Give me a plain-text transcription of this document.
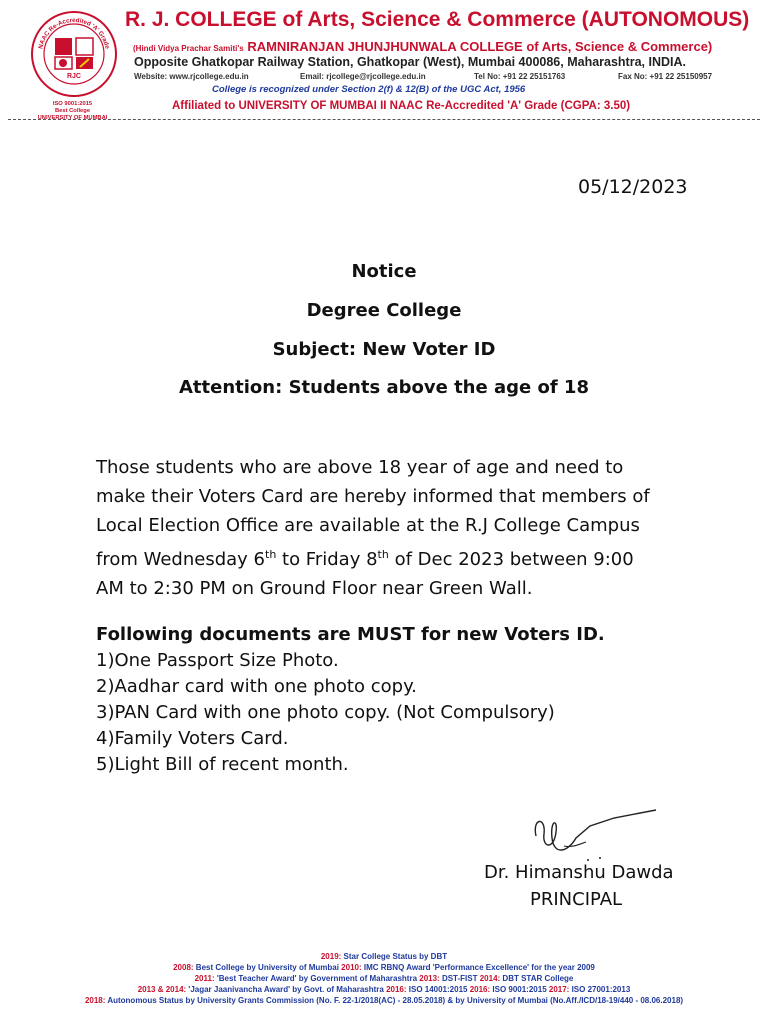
RJC
NAAC Re-Accredited 'A' Grade
R. J. COLLEGE of Arts, Science & Commerce (AUTONOMOUS)
(Hindi Vidya Prachar Samiti's RAMNIRANJAN JHUNJHUNWALA COLLEGE of Arts, Science & Commerce)
Opposite Ghatkopar Railway Station, Ghatkopar (West), Mumbai 400086, Maharashtra, INDIA.
Website: www.rjcollege.edu.in	Email: rjcollege@rjcollege.edu.in	Tel No: +91 22 25151763	Fax No: +91 22 25150957
College is recognized under Section 2(f) & 12(B) of the UGC Act, 1956
Affiliated to UNIVERSITY OF MUMBAI II NAAC Re-Accredited 'A' Grade (CGPA: 3.50)
ISO 9001:2015
Best College
UNIVERSITY OF MUMBAI
05/12/2023
Notice
Degree College
Subject: New Voter ID
Attention: Students above the age of 18
Those students who are above 18 year of age and need to
make their Voters Card are hereby informed that members of
Local Election Office are available at the R.J College Campus
from Wednesday 6th to Friday 8th of Dec 2023 between 9:00
AM to 2:30 PM on Ground Floor near Green Wall.
Following documents are MUST for new Voters ID.
1)One Passport Size Photo.
2)Aadhar card with one photo copy.
3)PAN Card with one photo copy. (Not Compulsory)
4)Family Voters Card.
5)Light Bill of recent month.
Dr. Himanshu Dawda
PRINCIPAL
2019: Star College Status by DBT
2008: Best College by University of Mumbai 2010: IMC RBNQ Award 'Performance Excellence' for the year 2009
2011: 'Best Teacher Award' by Government of Maharashtra 2013: DST-FIST 2014: DBT STAR College
2013 & 2014: 'Jagar Jaanivancha Award' by Govt. of Maharashtra 2016: ISO 14001:2015 2016: ISO 9001:2015 2017: ISO 27001:2013
2018: Autonomous Status by University Grants Commission (No. F. 22-1/2018(AC) - 28.05.2018) & by University of Mumbai (No.Aff./ICD/18-19/440 - 08.06.2018)
